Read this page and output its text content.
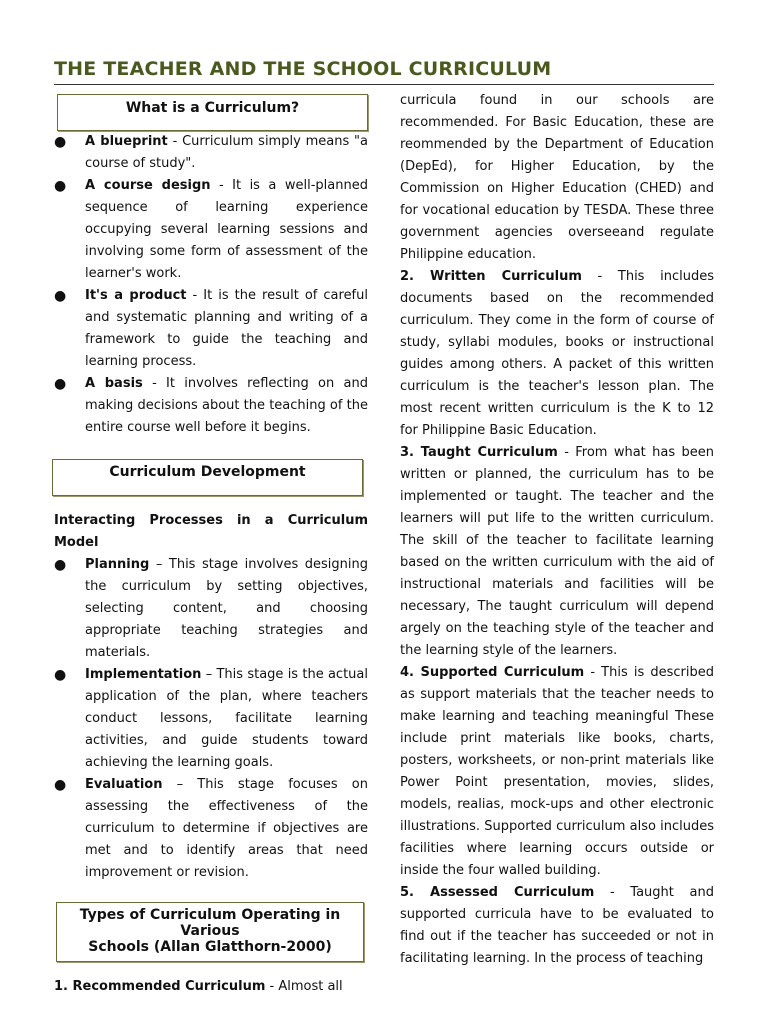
THE TEACHER AND THE SCHOOL CURRICULUM
What is a Curriculum?
● A blueprint - Curriculum simply means "a course of study".
● A course design - It is a well-planned sequence of learning experience occupying several learning sessions and involving some form of assessment of the learner's work.
● It's a product - It is the result of careful and systematic planning and writing of a framework to guide the teaching and learning process.
● A basis - It involves reflecting on and making decisions about the teaching of the entire course well before it begins.
Curriculum Development
Interacting Processes in a Curriculum Model
● Planning – This stage involves designing the curriculum by setting objectives, selecting content, and choosing appropriate teaching strategies and materials.
● Implementation – This stage is the actual application of the plan, where teachers conduct lessons, facilitate learning activities, and guide students toward achieving the learning goals.
● Evaluation – This stage focuses on assessing the effectiveness of the curriculum to determine if objectives are met and to identify areas that need improvement or revision.
Types of Curriculum Operating in
Various
Schools (Allan Glatthorn-2000)
1. Recommended Curriculum - Almost all
curricula found in our schools are recommended. For Basic Education, these are reommended by the Department of Education (DepEd), for Higher Education, by the Commission on Higher Education (CHED) and for vocational education by TESDA. These three government agencies overseeand regulate Philippine education.
2. Written Curriculum - This includes documents based on the recommended curriculum. They come in the form of course of study, syllabi modules, books or instructional guides among others. A packet of this written curriculum is the teacher's lesson plan. The most recent written curriculum is the K to 12 for Philippine Basic Education.
3. Taught Curriculum - From what has been written or planned, the curriculum has to be implemented or taught. The teacher and the learners will put life to the written curriculum. The skill of the teacher to facilitate learning based on the written curriculum with the aid of instructional materials and facilities will be necessary, The taught curriculum will depend argely on the teaching style of the teacher and the learning style of the learners.
4. Supported Curriculum - This is described as support materials that the teacher needs to make learning and teaching meaningful These include print materials like books, charts, posters, worksheets, or non-print materials like Power Point presentation, movies, slides, models, realias, mock-ups and other electronic illustrations. Supported curriculum also includes facilities where learning occurs outside or inside the four walled building.
5. Assessed Curriculum - Taught and supported curricula have to be evaluated to find out if the teacher has succeeded or not in facilitating learning. In the process of teaching
